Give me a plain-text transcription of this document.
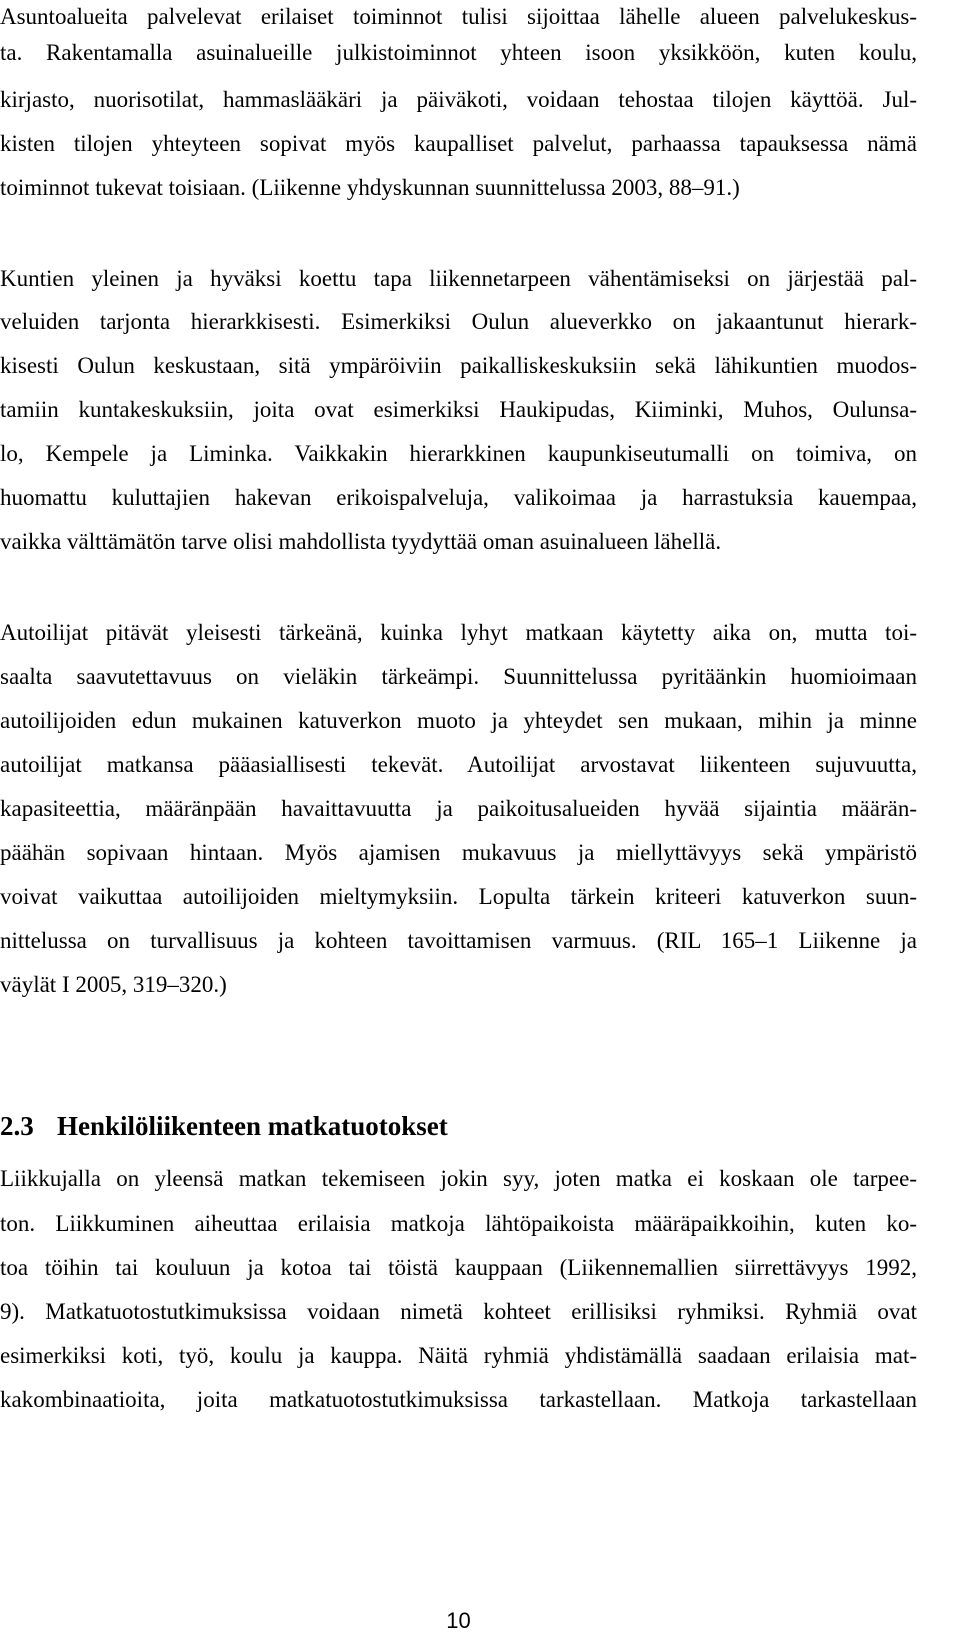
Asuntoalueita palvelevat erilaiset toiminnot tulisi sijoittaa lähelle alueen palvelukeskus-
ta. Rakentamalla asuinalueille julkistoiminnot yhteen isoon yksikköön, kuten koulu,
kirjasto, nuorisotilat, hammaslääkäri ja päiväkoti, voidaan tehostaa tilojen käyttöä. Jul-
kisten tilojen yhteyteen sopivat myös kaupalliset palvelut, parhaassa tapauksessa nämä
toiminnot tukevat toisiaan. (Liikenne yhdyskunnan suunnittelussa 2003, 88–91.)
Kuntien yleinen ja hyväksi koettu tapa liikennetarpeen vähentämiseksi on järjestää pal-
veluiden tarjonta hierarkkisesti. Esimerkiksi Oulun alueverkko on jakaantunut hierark-
kisesti Oulun keskustaan, sitä ympäröiviin paikalliskeskuksiin sekä lähikuntien muodos-
tamiin kuntakeskuksiin, joita ovat esimerkiksi Haukipudas, Kiiminki, Muhos, Oulunsa-
lo, Kempele ja Liminka. Vaikkakin hierarkkinen kaupunkiseutumalli on toimiva, on
huomattu kuluttajien hakevan erikoispalveluja, valikoimaa ja harrastuksia kauempaa,
vaikka välttämätön tarve olisi mahdollista tyydyttää oman asuinalueen lähellä.
Autoilijat pitävät yleisesti tärkeänä, kuinka lyhyt matkaan käytetty aika on, mutta toi-
saalta saavutettavuus on vieläkin tärkeämpi. Suunnittelussa pyritäänkin huomioimaan
autoilijoiden edun mukainen katuverkon muoto ja yhteydet sen mukaan, mihin ja minne
autoilijat matkansa pääasiallisesti tekevät. Autoilijat arvostavat liikenteen sujuvuutta,
kapasiteettia, määränpään havaittavuutta ja paikoitusalueiden hyvää sijaintia määrän-
päähän sopivaan hintaan. Myös ajamisen mukavuus ja miellyttävyys sekä ympäristö
voivat vaikuttaa autoilijoiden mieltymyksiin. Lopulta tärkein kriteeri katuverkon suun-
nittelussa on turvallisuus ja kohteen tavoittamisen varmuus. (RIL 165–1 Liikenne ja
väylät I 2005, 319–320.)
2.3 Henkilöliikenteen matkatuotokset
Liikkujalla on yleensä matkan tekemiseen jokin syy, joten matka ei koskaan ole tarpee-
ton. Liikkuminen aiheuttaa erilaisia matkoja lähtöpaikoista määräpaikkoihin, kuten ko-
toa töihin tai kouluun ja kotoa tai töistä kauppaan (Liikennemallien siirrettävyys 1992,
9). Matkatuotostutkimuksissa voidaan nimetä kohteet erillisiksi ryhmiksi. Ryhmiä ovat
esimerkiksi koti, työ, koulu ja kauppa. Näitä ryhmiä yhdistämällä saadaan erilaisia mat-
kakombinaatioita, joita matkatuotostutkimuksissa tarkastellaan. Matkoja tarkastellaan
10
